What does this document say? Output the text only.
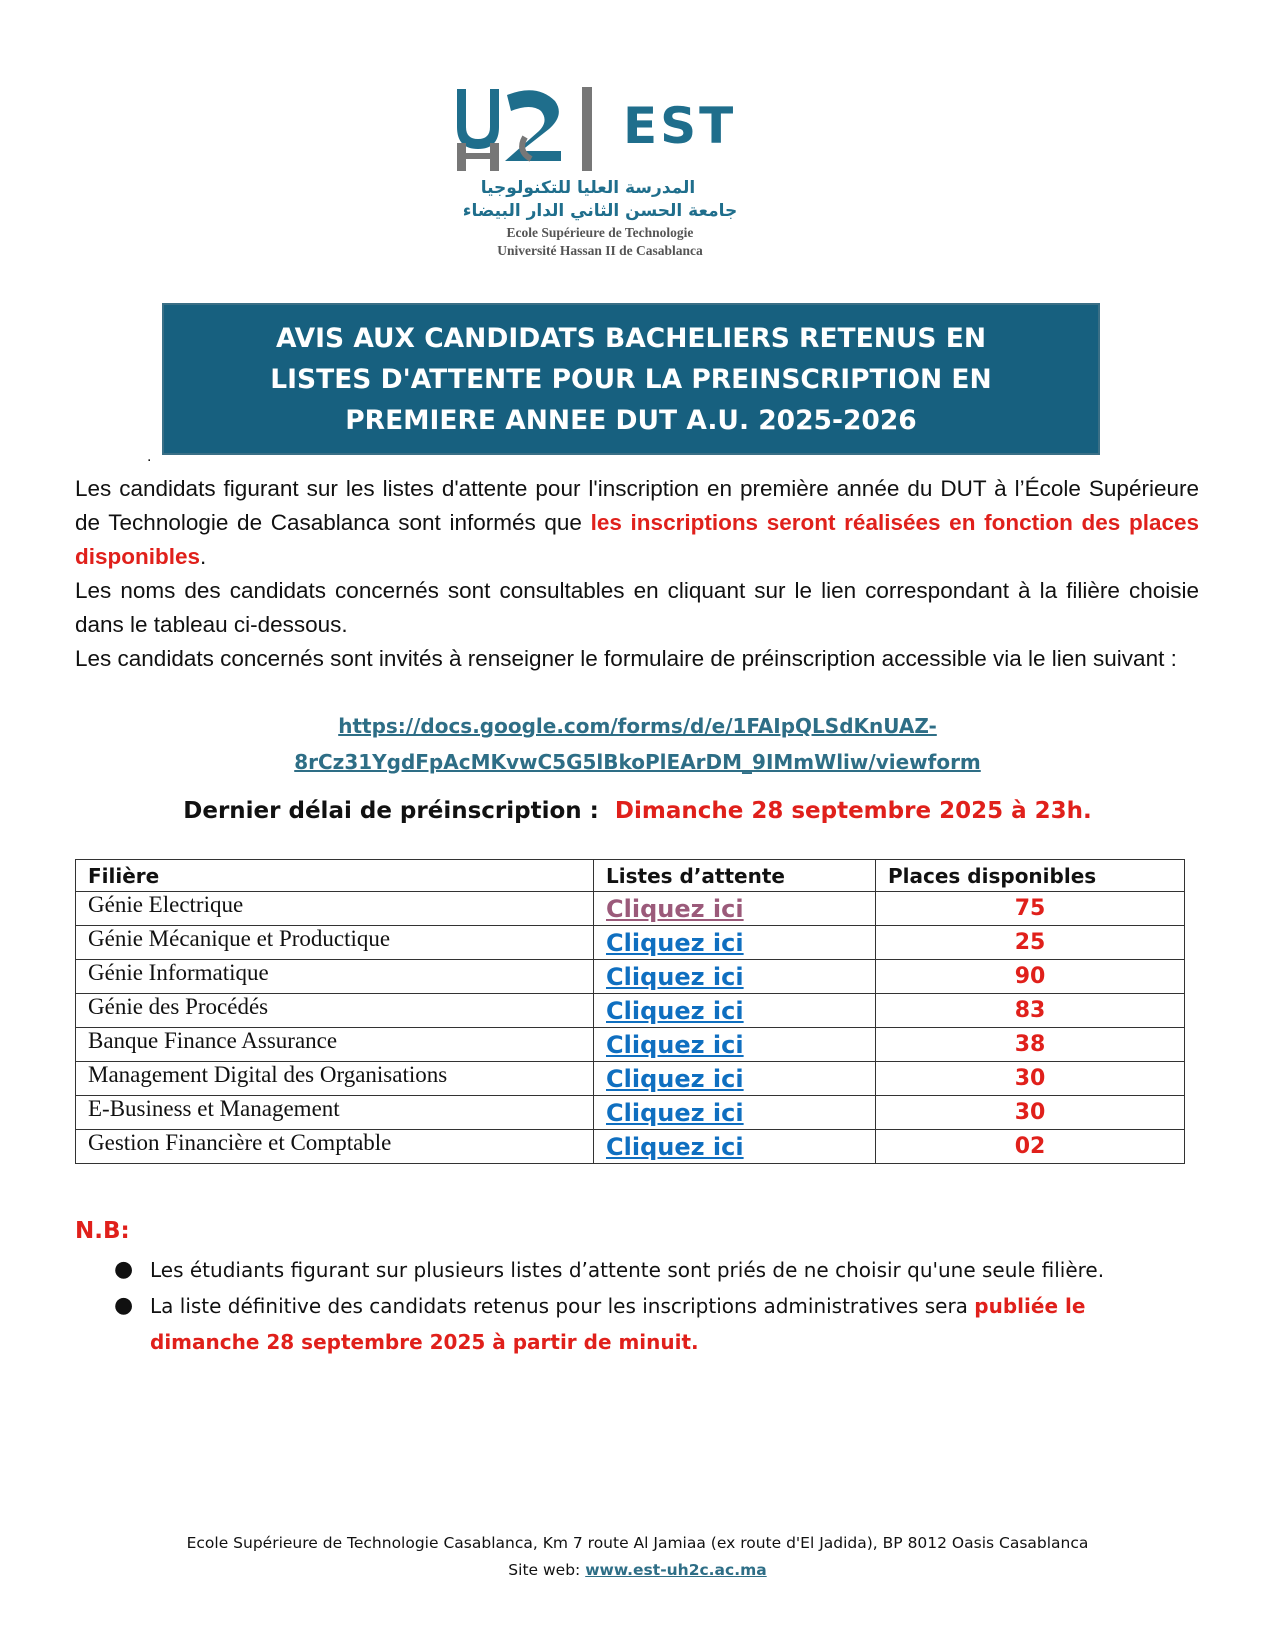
EST
المدرسة العليا للتكنولوجيا
جامعة الحسن الثاني الدار البيضاء
Ecole Supérieure de Technologie
Université Hassan II de Casablanca
AVIS AUX CANDIDATS BACHELIERS RETENUS EN LISTES D'ATTENTE POUR LA PREINSCRIPTION EN PREMIERE ANNEE DUT A.U. 2025-2026
.

Les candidats figurant sur les listes d'attente pour l'inscription en première année du DUT à l’École Supérieure de Technologie de Casablanca sont informés que les inscriptions seront réalisées en fonction des places disponibles.

Les noms des candidats concernés sont consultables en cliquant sur le lien correspondant à la filière choisie dans le tableau ci-dessous.

Les candidats concernés sont invités à renseigner le formulaire de préinscription accessible via le lien suivant :

https://docs.google.com/forms/d/e/1FAIpQLSdKnUAZ-
8rCz31YgdFpAcMKvwC5G5lBkoPlEArDM_9IMmWliw/viewform
Dernier délai de préinscription : Dimanche 28 septembre 2025 à 23h.
Filière	Listes d’attente	Places disponibles
Génie Electrique	Cliquez ici	75
Génie Mécanique et Productique	Cliquez ici	25
Génie Informatique	Cliquez ici	90
Génie des Procédés	Cliquez ici	83
Banque Finance Assurance	Cliquez ici	38
Management Digital des Organisations	Cliquez ici	30
E-Business et Management	Cliquez ici	30
Gestion Financière et Comptable	Cliquez ici	02
N.B:
● Les étudiants figurant sur plusieurs listes d’attente sont priés de ne choisir qu'une seule filière.
● La liste définitive des candidats retenus pour les inscriptions administratives sera publiée le dimanche 28 septembre 2025 à partir de minuit.
Ecole Supérieure de Technologie Casablanca, Km 7 route Al Jamiaa (ex route d'El Jadida), BP 8012 Oasis Casablanca
Site web: www.est-uh2c.ac.ma
